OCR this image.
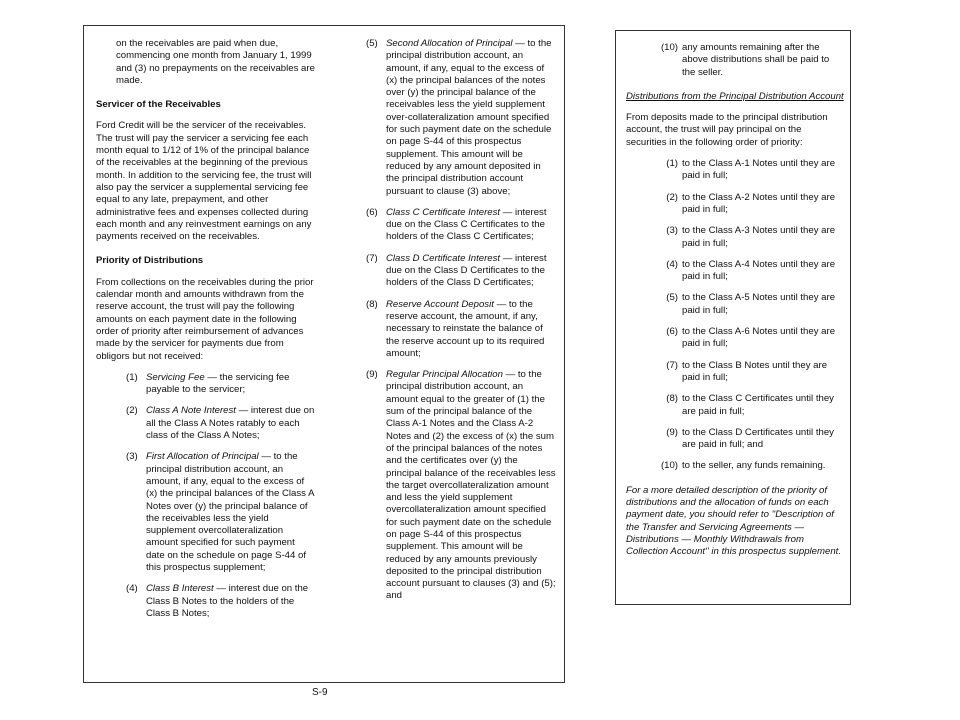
on the receivables are paid when due, commencing one month from January 1, 1999 and (3) no prepayments on the receivables are made.

Servicer of the Receivables

Ford Credit will be the servicer of the receivables. The trust will pay the servicer a servicing fee each month equal to 1/12 of 1% of the principal balance of the receivables at the beginning of the previous month. In addition to the servicing fee, the trust will also pay the servicer a supplemental servicing fee equal to any late, prepayment, and other administrative fees and expenses collected during each month and any reinvestment earnings on any payments received on the receivables.

Priority of Distributions

From collections on the receivables during the prior calendar month and amounts withdrawn from the reserve account, the trust will pay the following amounts on each payment date in the following order of priority after reimbursement of advances made by the servicer for payments due from obligors but not received:

(1) Servicing Fee — the servicing fee payable to the servicer;
(2) Class A Note Interest — interest due on all the Class A Notes ratably to each class of the Class A Notes;
(3) First Allocation of Principal — to the principal distribution account, an amount, if any, equal to the excess of (x) the principal balances of the Class A Notes over (y) the principal balance of the receivables less the yield supplement overcollateralization amount specified for such payment date on the schedule on page S-44 of this prospectus supplement;
(4) Class B Interest — interest due on the Class B Notes to the holders of the Class B Notes;
(5) Second Allocation of Principal — to the principal distribution account, an amount, if any, equal to the excess of (x) the principal balances of the notes over (y) the principal balance of the receivables less the yield supplement over-collateralization amount specified for such payment date on the schedule on page S-44 of this prospectus supplement. This amount will be reduced by any amount deposited in the principal distribution account pursuant to clause (3) above;
(6) Class C Certificate Interest — interest due on the Class C Certificates to the holders of the Class C Certificates;
(7) Class D Certificate Interest — interest due on the Class D Certificates to the holders of the Class D Certificates;
(8) Reserve Account Deposit — to the reserve account, the amount, if any, necessary to reinstate the balance of the reserve account up to its required amount;
(9) Regular Principal Allocation — to the principal distribution account, an amount equal to the greater of (1) the sum of the principal balance of the Class A-1 Notes and the Class A-2 Notes and (2) the excess of (x) the sum of the principal balances of the notes and the certificates over (y) the principal balance of the receivables less the target overcollateralization amount and less the yield supplement overcollateralization amount specified for such payment date on the schedule on page S-44 of this prospectus supplement. This amount will be reduced by any amounts previously deposited to the principal distribution account pursuant to clauses (3) and (5); and
(10) any amounts remaining after the above distributions shall be paid to the seller.

Distributions from the Principal Distribution Account

From deposits made to the principal distribution account, the trust will pay principal on the securities in the following order of priority:

(1) to the Class A-1 Notes until they are paid in full;
(2) to the Class A-2 Notes until they are paid in full;
(3) to the Class A-3 Notes until they are paid in full;
(4) to the Class A-4 Notes until they are paid in full;
(5) to the Class A-5 Notes until they are paid in full;
(6) to the Class A-6 Notes until they are paid in full;
(7) to the Class B Notes until they are paid in full;
(8) to the Class C Certificates until they are paid in full;
(9) to the Class D Certificates until they are paid in full; and
(10) to the seller, any funds remaining.

For a more detailed description of the priority of distributions and the allocation of funds on each payment date, you should refer to ''Description of the Transfer and Servicing Agreements — Distributions — Monthly Withdrawals from Collection Account'' in this prospectus supplement.

S-9
